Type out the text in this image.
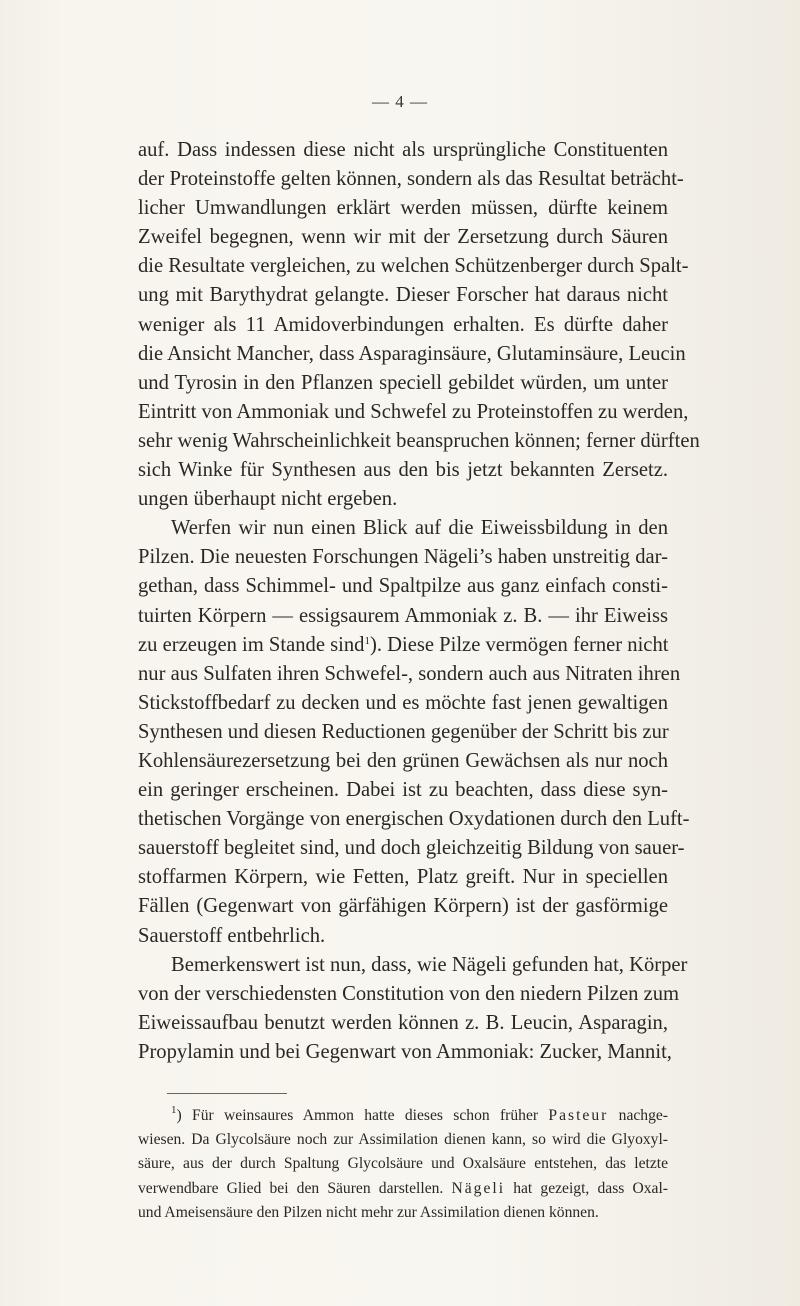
— 4 —
auf. Dass indessen diese nicht als ursprüngliche Constituenten
der Proteinstoffe gelten können, sondern als das Resultat beträcht-
licher Umwandlungen erklärt werden müssen, dürfte keinem
Zweifel begegnen, wenn wir mit der Zersetzung durch Säuren
die Resultate vergleichen, zu welchen Schützenberger durch Spalt-
ung mit Barythydrat gelangte. Dieser Forscher hat daraus nicht
weniger als 11 Amidoverbindungen erhalten. Es dürfte daher
die Ansicht Mancher, dass Asparaginsäure, Glutaminsäure, Leucin
und Tyrosin in den Pflanzen speciell gebildet würden, um unter
Eintritt von Ammoniak und Schwefel zu Proteinstoffen zu werden,
sehr wenig Wahrscheinlichkeit beanspruchen können; ferner dürften
sich Winke für Synthesen aus den bis jetzt bekannten Zersetz.
ungen überhaupt nicht ergeben.
Werfen wir nun einen Blick auf die Eiweissbildung in den
Pilzen. Die neuesten Forschungen Nägeli’s haben unstreitig dar-
gethan, dass Schimmel- und Spaltpilze aus ganz einfach consti-
tuirten Körpern — essigsaurem Ammoniak z. B. — ihr Eiweiss
zu erzeugen im Stande sind$^1$). Diese Pilze vermögen ferner nicht
nur aus Sulfaten ihren Schwefel-, sondern auch aus Nitraten ihren
Stickstoffbedarf zu decken und es möchte fast jenen gewaltigen
Synthesen und diesen Reductionen gegenüber der Schritt bis zur
Kohlensäurezersetzung bei den grünen Gewächsen als nur noch
ein geringer erscheinen. Dabei ist zu beachten, dass diese syn-
thetischen Vorgänge von energischen Oxydationen durch den Luft-
sauerstoff begleitet sind, und doch gleichzeitig Bildung von sauer-
stoffarmen Körpern, wie Fetten, Platz greift. Nur in speciellen
Fällen (Gegenwart von gärfähigen Körpern) ist der gasförmige
Sauerstoff entbehrlich.
Bemerkenswert ist nun, dass, wie Nägeli gefunden hat, Körper
von der verschiedensten Constitution von den niedern Pilzen zum
Eiweissaufbau benutzt werden können z. B. Leucin, Asparagin,
Propylamin und bei Gegenwart von Ammoniak: Zucker, Mannit,
$^1$) Für weinsaures Ammon hatte dieses schon früher Pasteur nachge-
wiesen. Da Glycolsäure noch zur Assimilation dienen kann, so wird die Glyoxyl-
säure, aus der durch Spaltung Glycolsäure und Oxalsäure entstehen, das letzte
verwendbare Glied bei den Säuren darstellen. Nägeli hat gezeigt, dass Oxal-
und Ameisensäure den Pilzen nicht mehr zur Assimilation dienen können.
